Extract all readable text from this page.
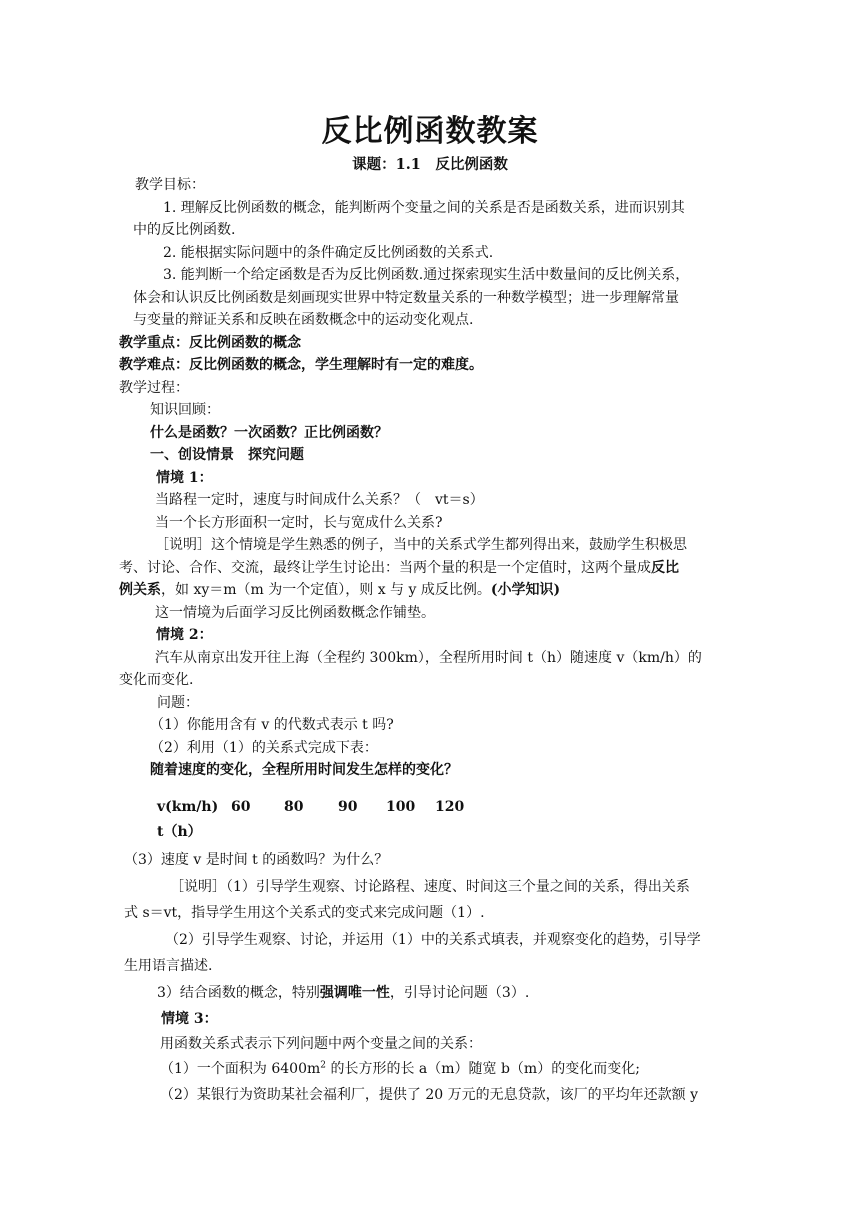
反比例函数教案
课题：1.1　反比例函数
教学目标：
1. 理解反比例函数的概念，能判断两个变量之间的关系是否是函数关系，进而识别其
中的反比例函数.
2. 能根据实际问题中的条件确定反比例函数的关系式.
3. 能判断一个给定函数是否为反比例函数.通过探索现实生活中数量间的反比例关系，
体会和认识反比例函数是刻画现实世界中特定数量关系的一种数学模型；进一步理解常量
与变量的辩证关系和反映在函数概念中的运动变化观点.
教学重点：反比例函数的概念
教学难点：反比例函数的概念，学生理解时有一定的难度。
教学过程：
知识回顾：
什么是函数？一次函数？正比例函数？
一、创设情景　探究问题
情境 1：
当路程一定时，速度与时间成什么关系？（　vt＝s）
当一个长方形面积一定时，长与宽成什么关系?
［说明］这个情境是学生熟悉的例子，当中的关系式学生都列得出来，鼓励学生积极思
考、讨论、合作、交流，最终让学生讨论出：当两个量的积是一个定值时，这两个量成反比
例关系，如 xy＝m（m 为一个定值），则 x 与 y 成反比例。(小学知识)
这一情境为后面学习反比例函数概念作铺垫。
情境 2：
汽车从南京出发开往上海（全程约 300km），全程所用时间 t（h）随速度 v（km/h）的
变化而变化.
问题：
（1）你能用含有 v 的代数式表示 t 吗?
（2）利用（1）的关系式完成下表：
随着速度的变化，全程所用时间发生怎样的变化？
v(km/h) 60 80 90 100 120
t（h）
（3）速度 v 是时间 t 的函数吗？为什么？
［说明］（1）引导学生观察、讨论路程、速度、时间这三个量之间的关系，得出关系
式 s＝vt，指导学生用这个关系式的变式来完成问题（1）.
（2）引导学生观察、讨论，并运用（1）中的关系式填表，并观察变化的趋势，引导学
生用语言描述.
3）结合函数的概念，特别强调唯一性，引导讨论问题（3）.
情境 3：
用函数关系式表示下列问题中两个变量之间的关系：
（1）一个面积为 $6400m^2$ 的长方形的长 a（m）随宽 b（m）的变化而变化;
（2）某银行为资助某社会福利厂，提供了 20 万元的无息贷款，该厂的平均年还款额 y
